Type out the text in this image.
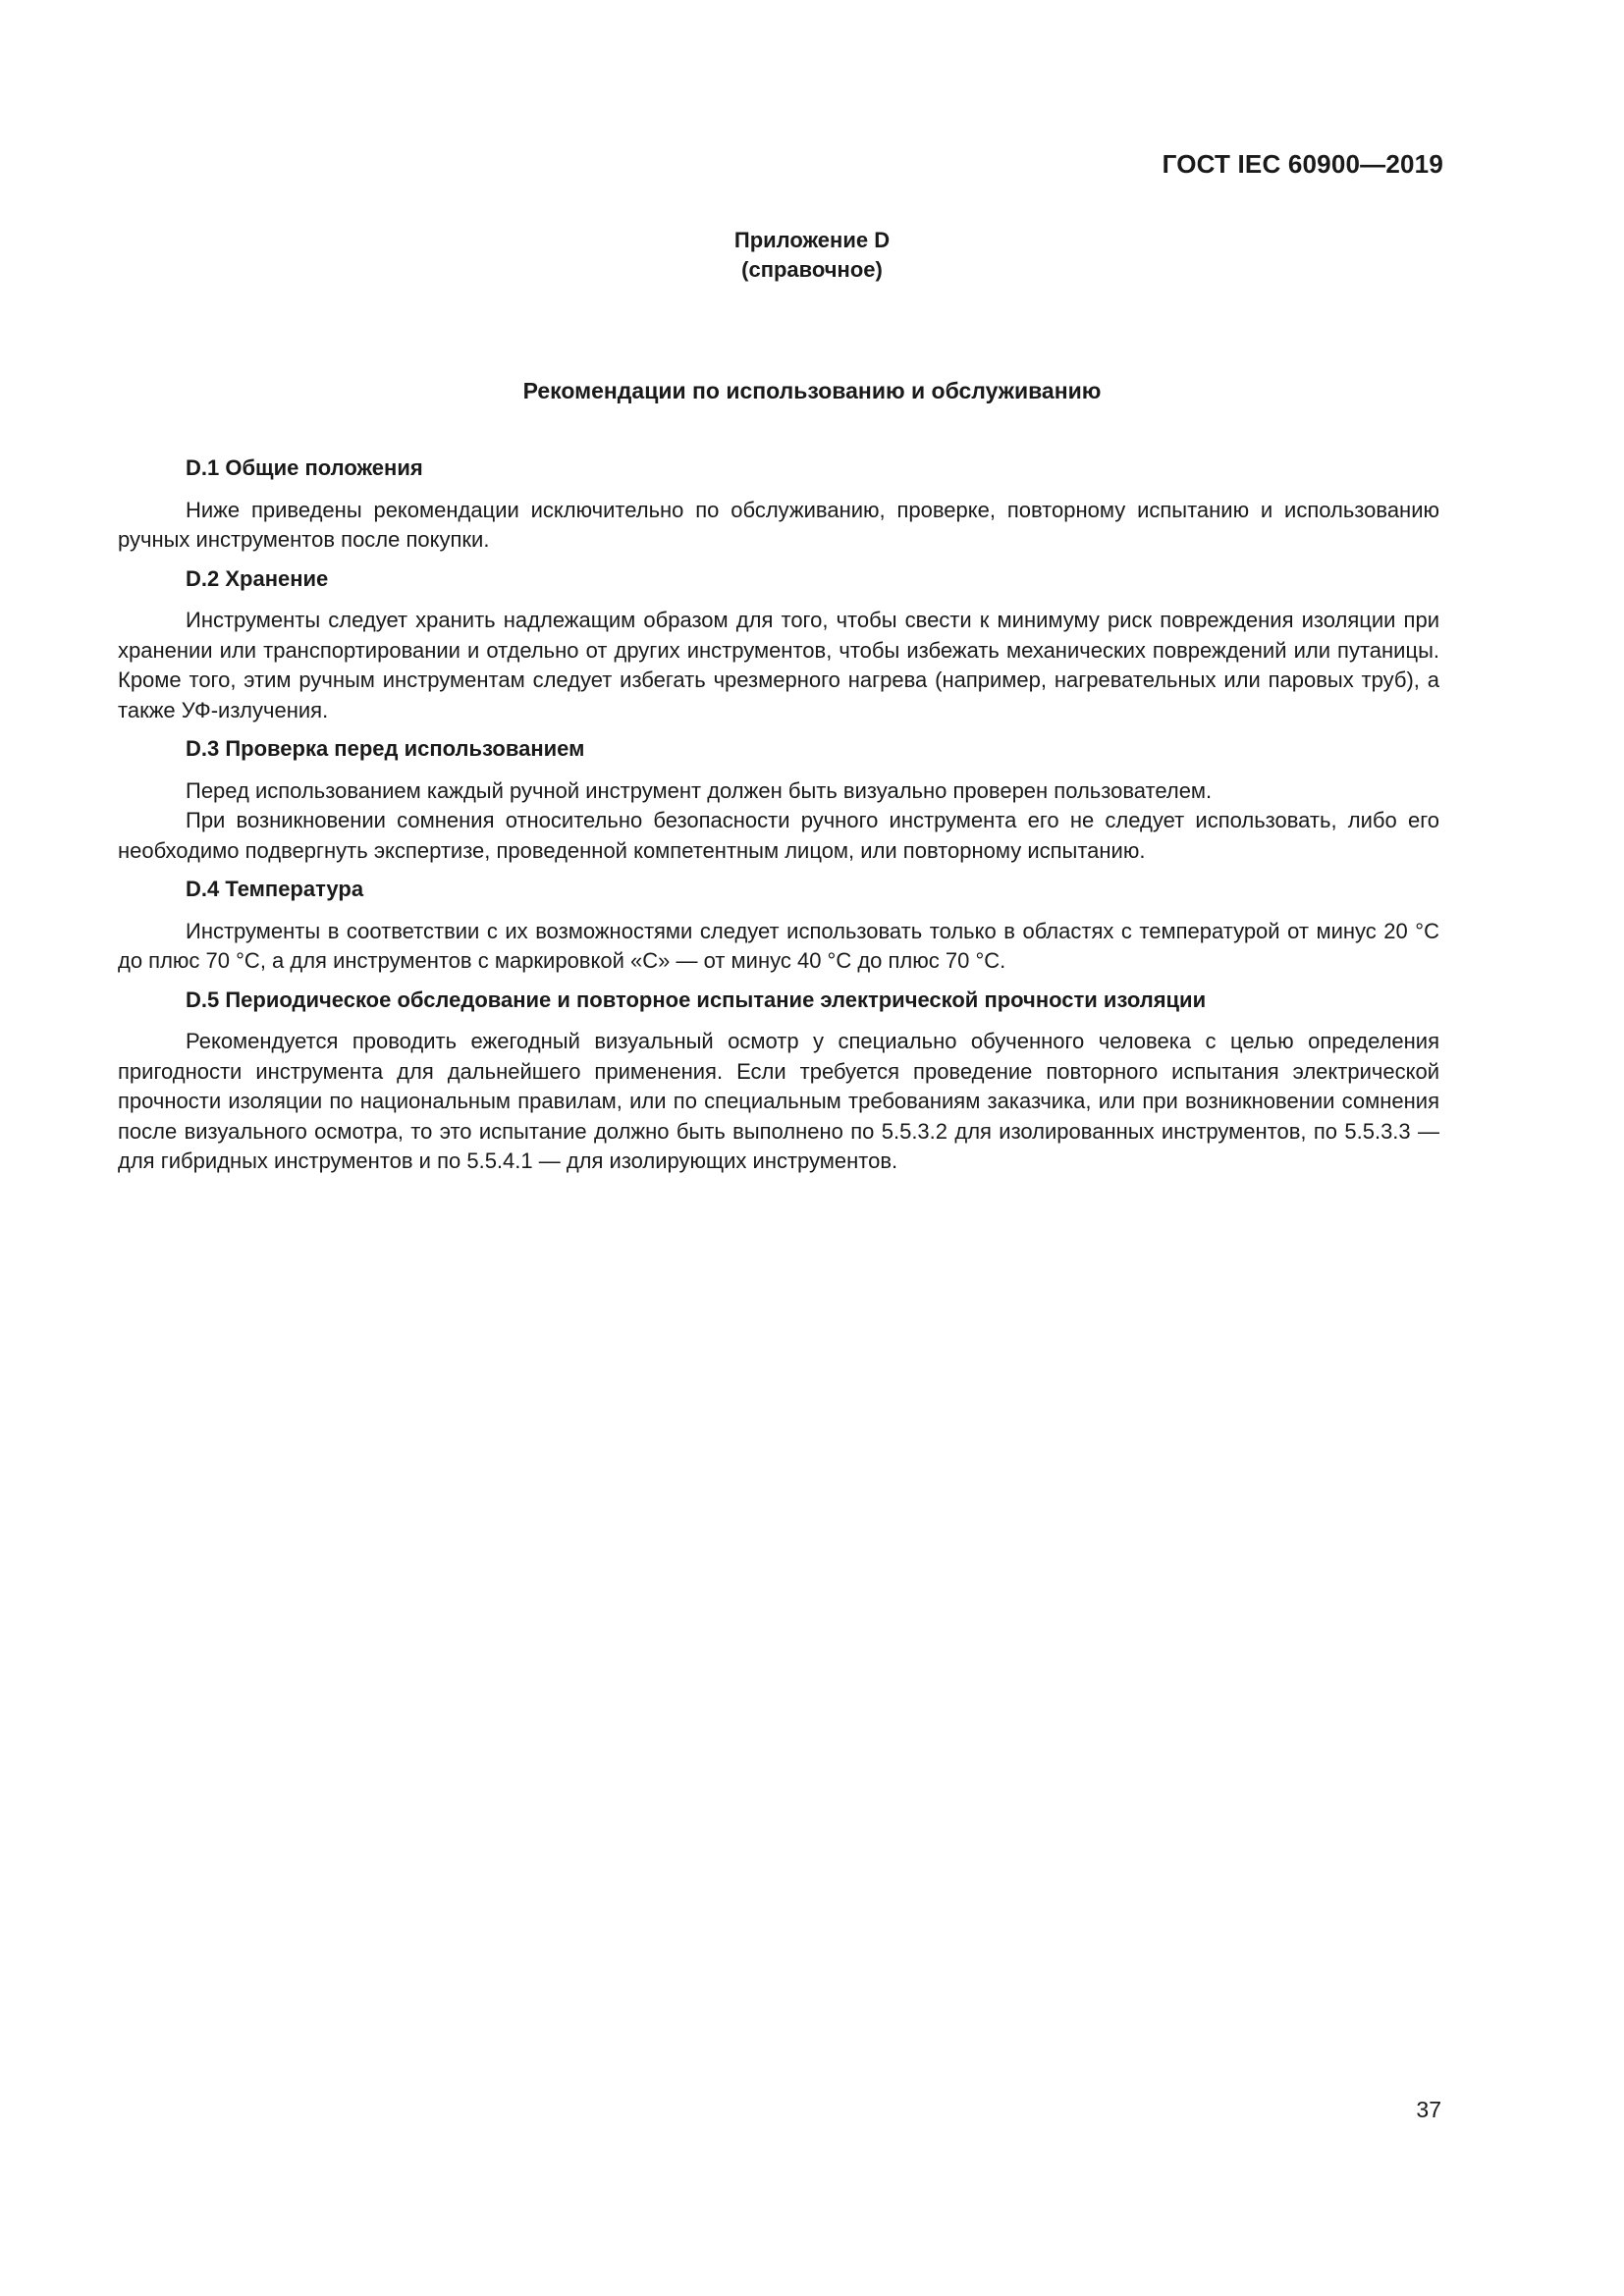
ГОСТ IEC 60900—2019
Приложение D
(справочное)
Рекомендации по использованию и обслуживанию

D.1 Общие положения

Ниже приведены рекомендации исключительно по обслуживанию, проверке, повторному испытанию и использованию ручных инструментов после покупки.

D.2 Хранение

Инструменты следует хранить надлежащим образом для того, чтобы свести к минимуму риск повреждения изоляции при хранении или транспортировании и отдельно от других инструментов, чтобы избежать механических повреждений или путаницы. Кроме того, этим ручным инструментам следует избегать чрезмерного нагрева (например, нагревательных или паровых труб), а также УФ-излучения.

D.3 Проверка перед использованием

Перед использованием каждый ручной инструмент должен быть визуально проверен пользователем.

При возникновении сомнения относительно безопасности ручного инструмента его не следует использовать, либо его необходимо подвергнуть экспертизе, проведенной компетентным лицом, или повторному испытанию.

D.4 Температура

Инструменты в соответствии с их возможностями следует использовать только в областях с температурой от минус 20 °С до плюс 70 °С, а для инструментов с маркировкой «С» — от минус 40 °С до плюс 70 °С.

D.5 Периодическое обследование и повторное испытание электрической прочности изоляции

Рекомендуется проводить ежегодный визуальный осмотр у специально обученного человека с целью определения пригодности инструмента для дальнейшего применения. Если требуется проведение повторного испытания электрической прочности изоляции по национальным правилам, или по специальным требованиям заказчика, или при возникновении сомнения после визуального осмотра, то это испытание должно быть выполнено по 5.5.3.2 для изолированных инструментов, по 5.5.3.3 — для гибридных инструментов и по 5.5.4.1 — для изолирующих инструментов.

37
